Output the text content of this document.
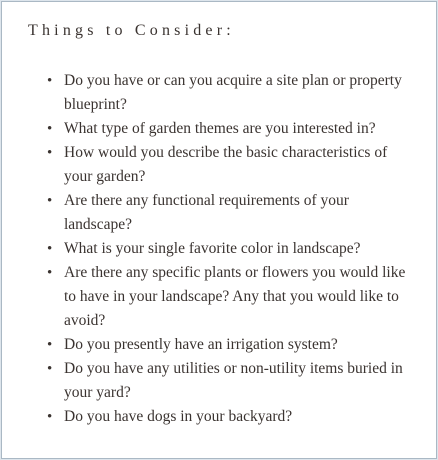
Things to Consider:
• Do you have or can you acquire a site plan or property blueprint?
• What type of garden themes are you interested in?
• How would you describe the basic characteristics of your garden?
• Are there any functional requirements of your landscape?
• What is your single favorite color in landscape?
• Are there any specific plants or flowers you would like to have in your landscape? Any that you would like to avoid?
• Do you presently have an irrigation system?
• Do you have any utilities or non-utility items buried in your yard?
• Do you have dogs in your backyard?
